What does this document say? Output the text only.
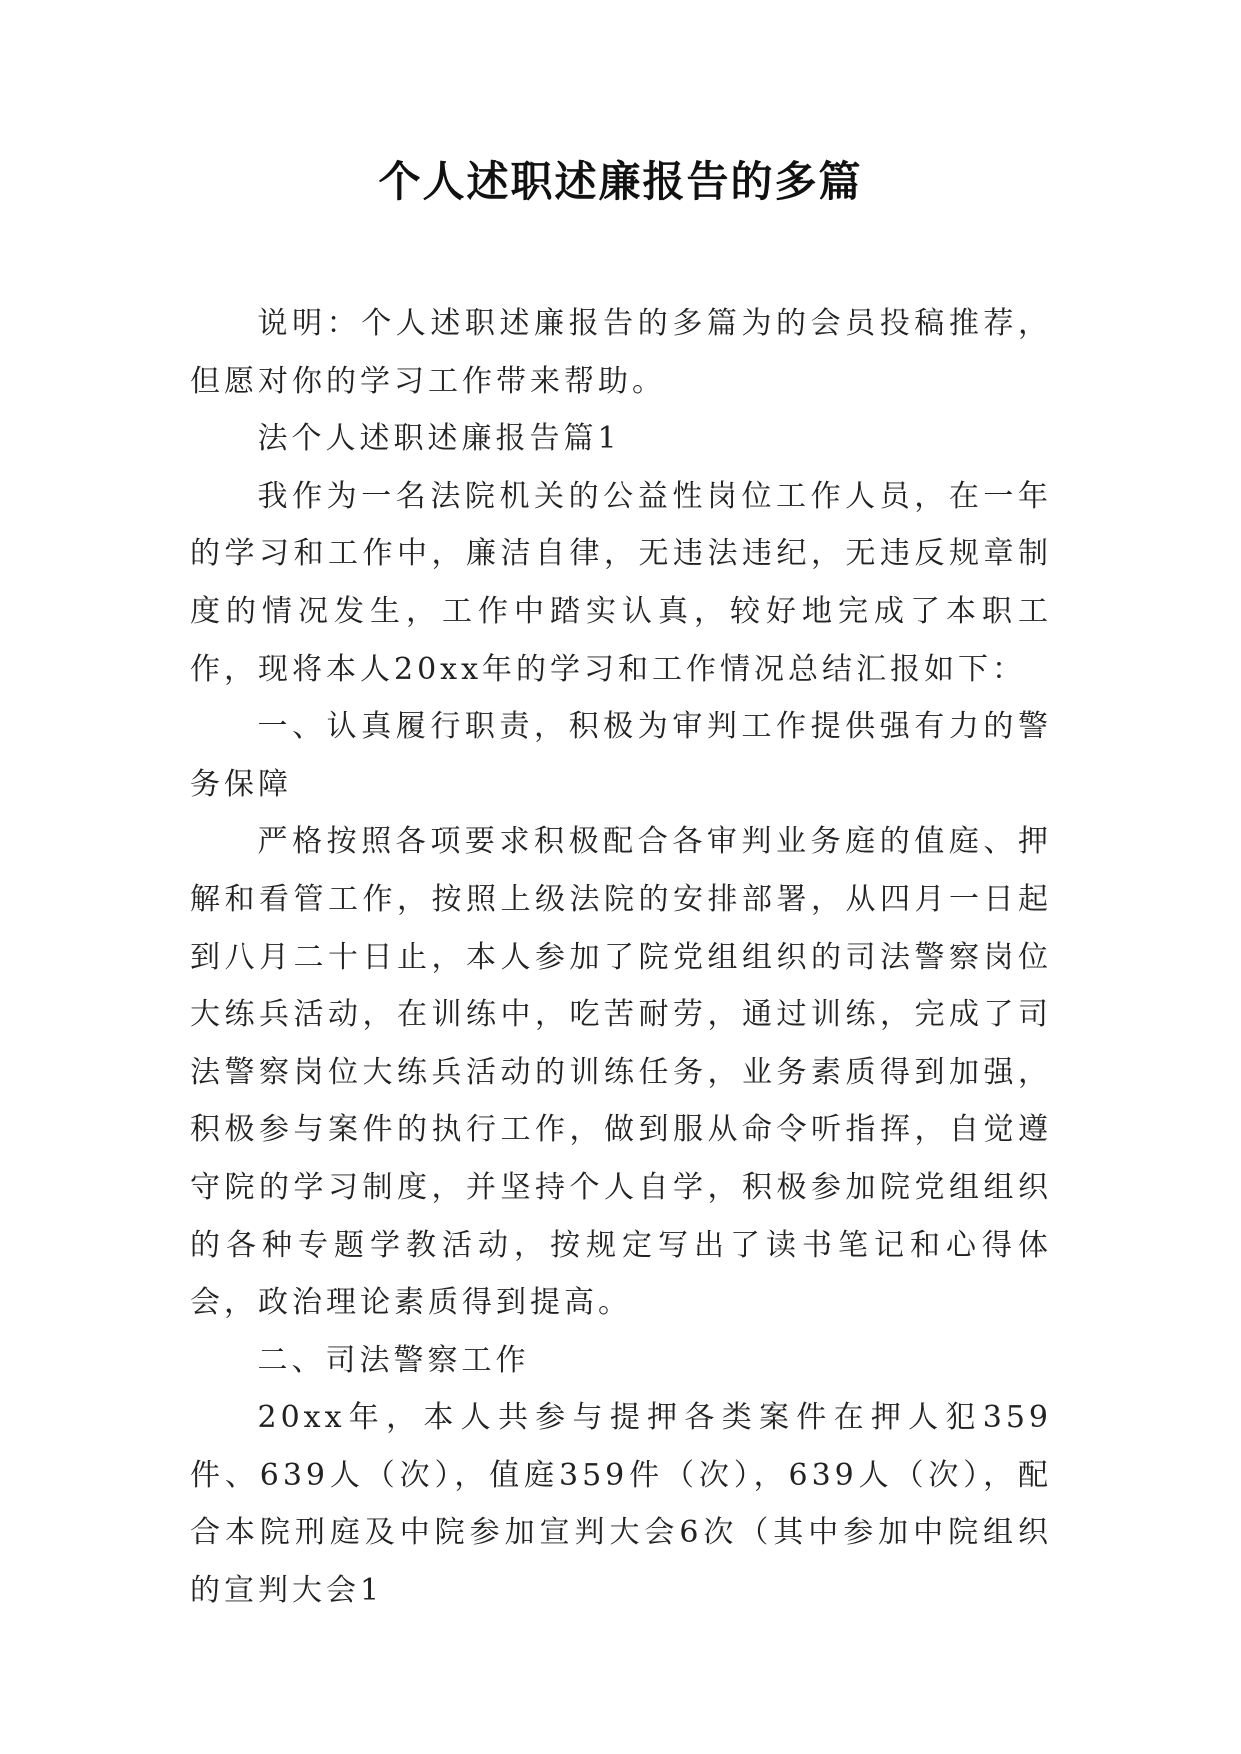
个人述职述廉报告的多篇

说明：个人述职述廉报告的多篇为的会员投稿推荐，但愿对你的学习工作带来帮助。

法个人述职述廉报告篇1

我作为一名法院机关的公益性岗位工作人员，在一年的学习和工作中，廉洁自律，无违法违纪，无违反规章制度的情况发生，工作中踏实认真，较好地完成了本职工作，现将本人20xx年的学习和工作情况总结汇报如下：

一、认真履行职责，积极为审判工作提供强有力的警务保障

严格按照各项要求积极配合各审判业务庭的值庭、押解和看管工作，按照上级法院的安排部署，从四月一日起到八月二十日止，本人参加了院党组组织的司法警察岗位大练兵活动，在训练中，吃苦耐劳，通过训练，完成了司法警察岗位大练兵活动的训练任务，业务素质得到加强，积极参与案件的执行工作，做到服从命令听指挥，自觉遵守院的学习制度，并坚持个人自学，积极参加院党组组织的各种专题学教活动，按规定写出了读书笔记和心得体会，政治理论素质得到提高。

二、司法警察工作

20xx年，本人共参与提押各类案件在押人犯359件、639人（次），值庭359件（次），639人（次），配合本院刑庭及中院参加宣判大会6次（其中参加中院组织的宣判大会1
